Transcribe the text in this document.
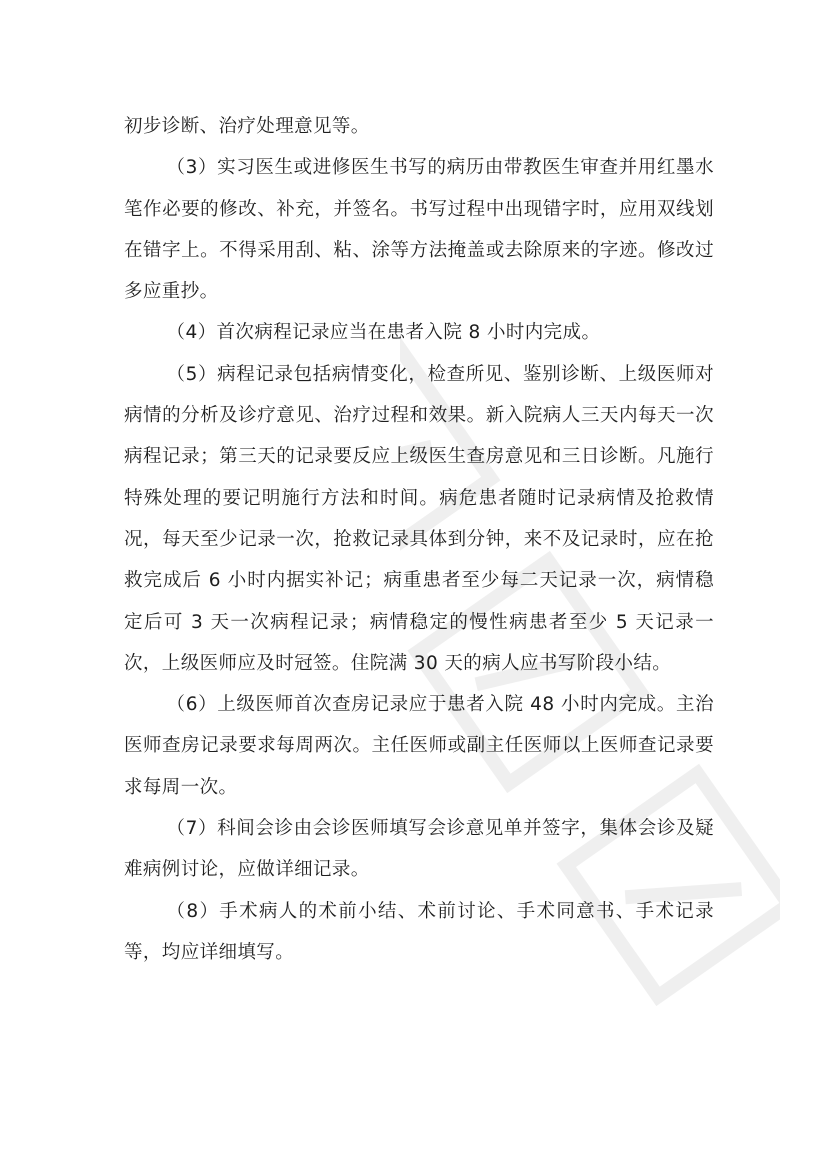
初步诊断、治疗处理意见等。

（3）实习医生或进修医生书写的病历由带教医生审查并用红墨水笔作必要的修改、补充，并签名。书写过程中出现错字时，应用双线划在错字上。不得采用刮、粘、涂等方法掩盖或去除原来的字迹。修改过多应重抄。

（4）首次病程记录应当在患者入院 8 小时内完成。

（5）病程记录包括病情变化，检查所见、鉴别诊断、上级医师对病情的分析及诊疗意见、治疗过程和效果。新入院病人三天内每天一次病程记录；第三天的记录要反应上级医生查房意见和三日诊断。凡施行特殊处理的要记明施行方法和时间。病危患者随时记录病情及抢救情况，每天至少记录一次，抢救记录具体到分钟，来不及记录时，应在抢救完成后 6 小时内据实补记；病重患者至少每二天记录一次，病情稳定后可 3 天一次病程记录；病情稳定的慢性病患者至少 5 天记录一次，上级医师应及时冠签。住院满 30 天的病人应书写阶段小结。

（6）上级医师首次查房记录应于患者入院 48 小时内完成。主治医师查房记录要求每周两次。主任医师或副主任医师以上医师查记录要求每周一次。

（7）科间会诊由会诊医师填写会诊意见单并签字，集体会诊及疑难病例讨论，应做详细记录。

（8）手术病人的术前小结、术前讨论、手术同意书、手术记录等，均应详细填写。
